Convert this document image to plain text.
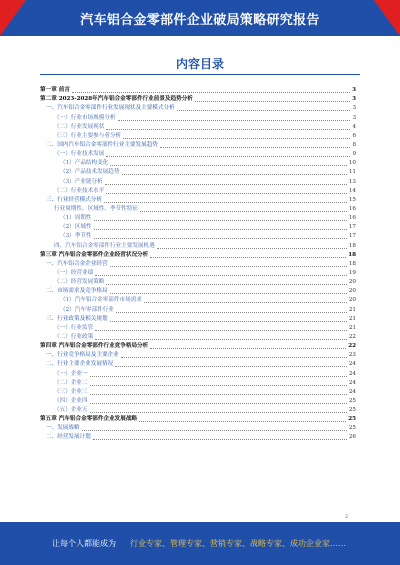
汽车铝合金零部件企业破局策略研究报告
内容目录
第一章 前言	3
第二章 2023-2028年汽车铝合金零部件行业前景及趋势分析	3
一、汽车铝合金零部件行业发展现状及主要模式分析	3
（一）行业市场规模分析	3
（二）行业发展现状	4
（三）行业主要参与者分析	6
二、国内汽车铝合金零部件行业主要发展趋势	8
（一）行业技术发展	9
（1）产品结构变化	10
（2）产品技术发展趋势	11
（3）产业链分析	13
（二）行业技术水平	14
三、行业经营模式分析	15
行业周期性、区域性、季节性特征	16
（1）周期性	16
（2）区域性	17
（3）季节性	17
四、汽车铝合金零部件行业主要发展机遇	18
第三章 汽车铝合金零部件企业经营状况分析	18
一、汽车铝合金企业经营	18
（一）经营业绩	19
（二）经营发展策略	20
二、市场需求及竞争格局	20
（1）汽车铝合金零部件市场需求	20
（2）汽车零部件行业	21
三、行业政策及相关规划	21
（一）行业监管	21
（二）行业政策	22
第四章 汽车铝合金零部件行业竞争格局分析	22
一、行业竞争格局及主要企业	23
二、行业主要企业发展情况	24
（一）企业一	24
（二）企业二	24
（三）企业三	24
（四）企业四	25
（五）企业五	25
第五章 汽车铝合金零部件企业发展战略	25
一、发展战略	25
二、经营发展计划	26
2
让每个人都能成为 行业专家、管理专家、营销专家、战略专家、成功企业家……
